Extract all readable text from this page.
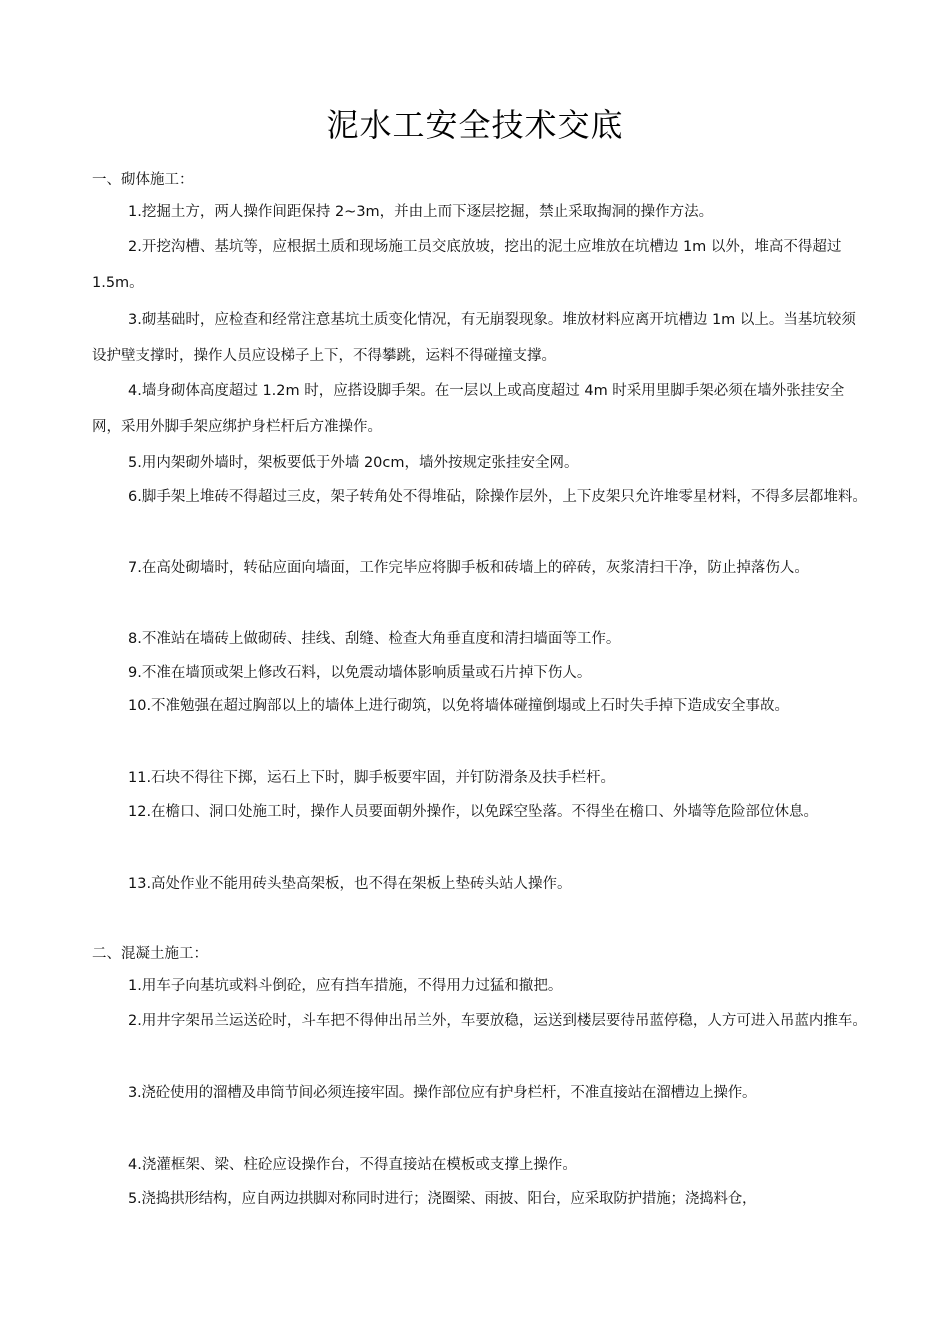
泥水工安全技术交底
一、砌体施工：
1.挖掘土方，两人操作间距保持 2~3m，并由上而下逐层挖掘，禁止采取掏洞的操作方法。
2.开挖沟槽、基坑等，应根据土质和现场施工员交底放坡，挖出的泥土应堆放在坑槽边 1m 以外，堆高不得超过 1.5m。
3.砌基础时，应检查和经常注意基坑土质变化情况，有无崩裂现象。堆放材料应离开坑槽边 1m 以上。当基坑较须设护壁支撑时，操作人员应设梯子上下，不得攀跳，运料不得碰撞支撑。
4.墙身砌体高度超过 1.2m 时，应搭设脚手架。在一层以上或高度超过 4m 时采用里脚手架必须在墙外张挂安全网，采用外脚手架应绑护身栏杆后方准操作。
5.用内架砌外墙时，架板要低于外墙 20cm，墙外按规定张挂安全网。
6.脚手架上堆砖不得超过三皮，架子转角处不得堆砧，除操作层外，上下皮架只允许堆零星材料，不得多层都堆料。
7.在高处砌墙时，转砧应面向墙面，工作完毕应将脚手板和砖墙上的碎砖，灰浆清扫干净，防止掉落伤人。
8.不准站在墙砖上做砌砖、挂线、刮缝、检查大角垂直度和清扫墙面等工作。
9.不准在墙顶或架上修改石料，以免震动墙体影响质量或石片掉下伤人。
10.不准勉强在超过胸部以上的墙体上进行砌筑，以免将墙体碰撞倒塌或上石时失手掉下造成安全事故。
11.石块不得往下掷，运石上下时，脚手板要牢固，并钉防滑条及扶手栏杆。
12.在檐口、洞口处施工时，操作人员要面朝外操作，以免踩空坠落。不得坐在檐口、外墙等危险部位休息。
13.高处作业不能用砖头垫高架板，也不得在架板上垫砖头站人操作。
二、混凝土施工：
1.用车子向基坑或料斗倒砼，应有挡车措施，不得用力过猛和撤把。
2.用井字架吊兰运送砼时，斗车把不得伸出吊兰外，车要放稳，运送到楼层要待吊蓝停稳，人方可进入吊蓝内推车。
3.浇砼使用的溜槽及串筒节间必须连接牢固。操作部位应有护身栏杆，不准直接站在溜槽边上操作。
4.浇灌框架、梁、柱砼应设操作台，不得直接站在模板或支撑上操作。
5.浇捣拱形结构，应自两边拱脚对称同时进行；浇圈梁、雨披、阳台，应采取防护措施；浇捣料仓，
